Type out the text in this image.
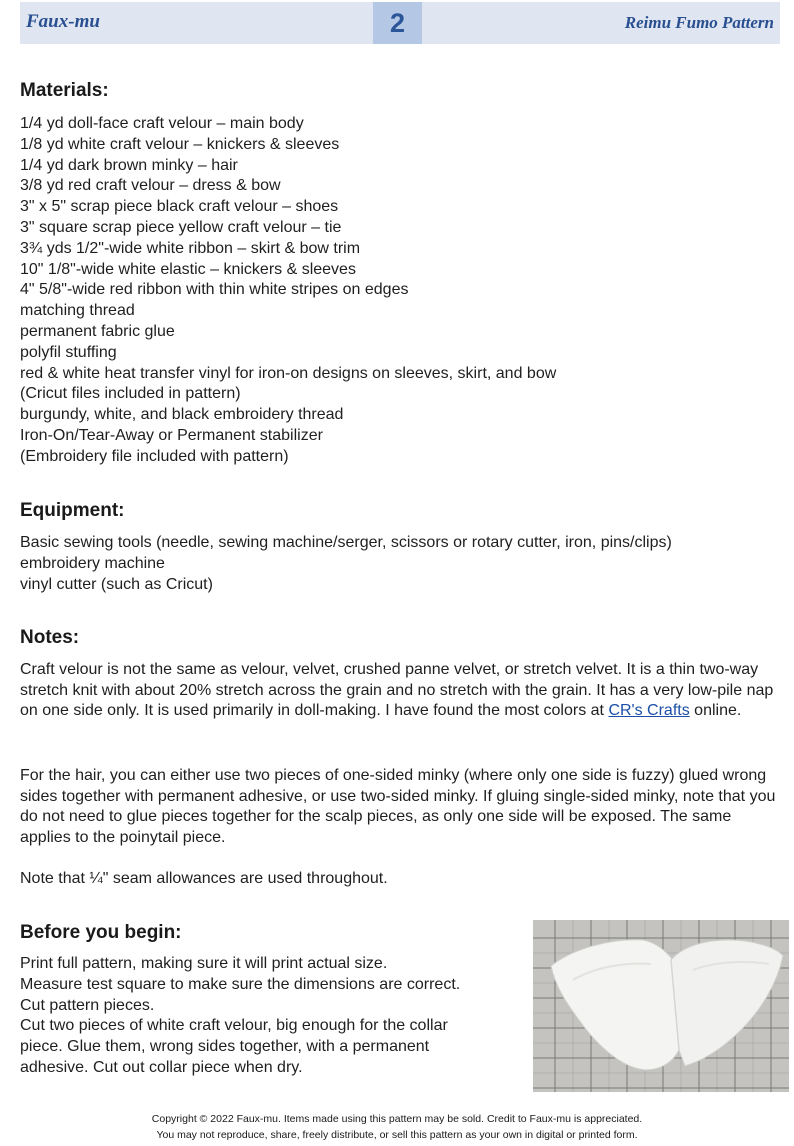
Faux-mu	2	Reimu Fumo Pattern
Materials:
1/4 yd doll-face craft velour – main body
1/8 yd white craft velour – knickers & sleeves
1/4 yd dark brown minky – hair
3/8 yd red craft velour – dress & bow
3" x 5" scrap piece black craft velour – shoes
3" square scrap piece yellow craft velour – tie
3¾ yds 1/2"-wide white ribbon – skirt & bow trim
10" 1/8"-wide white elastic – knickers & sleeves
4" 5/8"-wide red ribbon with thin white stripes on edges
matching thread
permanent fabric glue
polyfil stuffing
red & white heat transfer vinyl for iron-on designs on sleeves, skirt, and bow
(Cricut files included in pattern)
burgundy, white, and black embroidery thread
Iron-On/Tear-Away or Permanent stabilizer
(Embroidery file included with pattern)
Equipment:
Basic sewing tools (needle, sewing machine/serger, scissors or rotary cutter, iron, pins/clips)
embroidery machine
vinyl cutter (such as Cricut)
Notes:

Craft velour is not the same as velour, velvet, crushed panne velvet, or stretch velvet. It is a thin two-way stretch knit with about 20% stretch across the grain and no stretch with the grain. It has a very low-pile nap on one side only. It is used primarily in doll-making. I have found the most colors at CR's Crafts online.

For the hair, you can either use two pieces of one-sided minky (where only one side is fuzzy) glued wrong sides together with permanent adhesive, or use two-sided minky. If gluing single-sided minky, note that you do not need to glue pieces together for the scalp pieces, as only one side will be exposed. The same applies to the poinytail piece.

Note that ¼" seam allowances are used throughout.

Before you begin:
Print full pattern, making sure it will print actual size.
Measure test square to make sure the dimensions are correct.
Cut pattern pieces.
Cut two pieces of white craft velour, big enough for the collar
piece. Glue them, wrong sides together, with a permanent
adhesive. Cut out collar piece when dry.
Copyright © 2022 Faux-mu. Items made using this pattern may be sold. Credit to Faux-mu is appreciated.
You may not reproduce, share, freely distribute, or sell this pattern as your own in digital or printed form.
